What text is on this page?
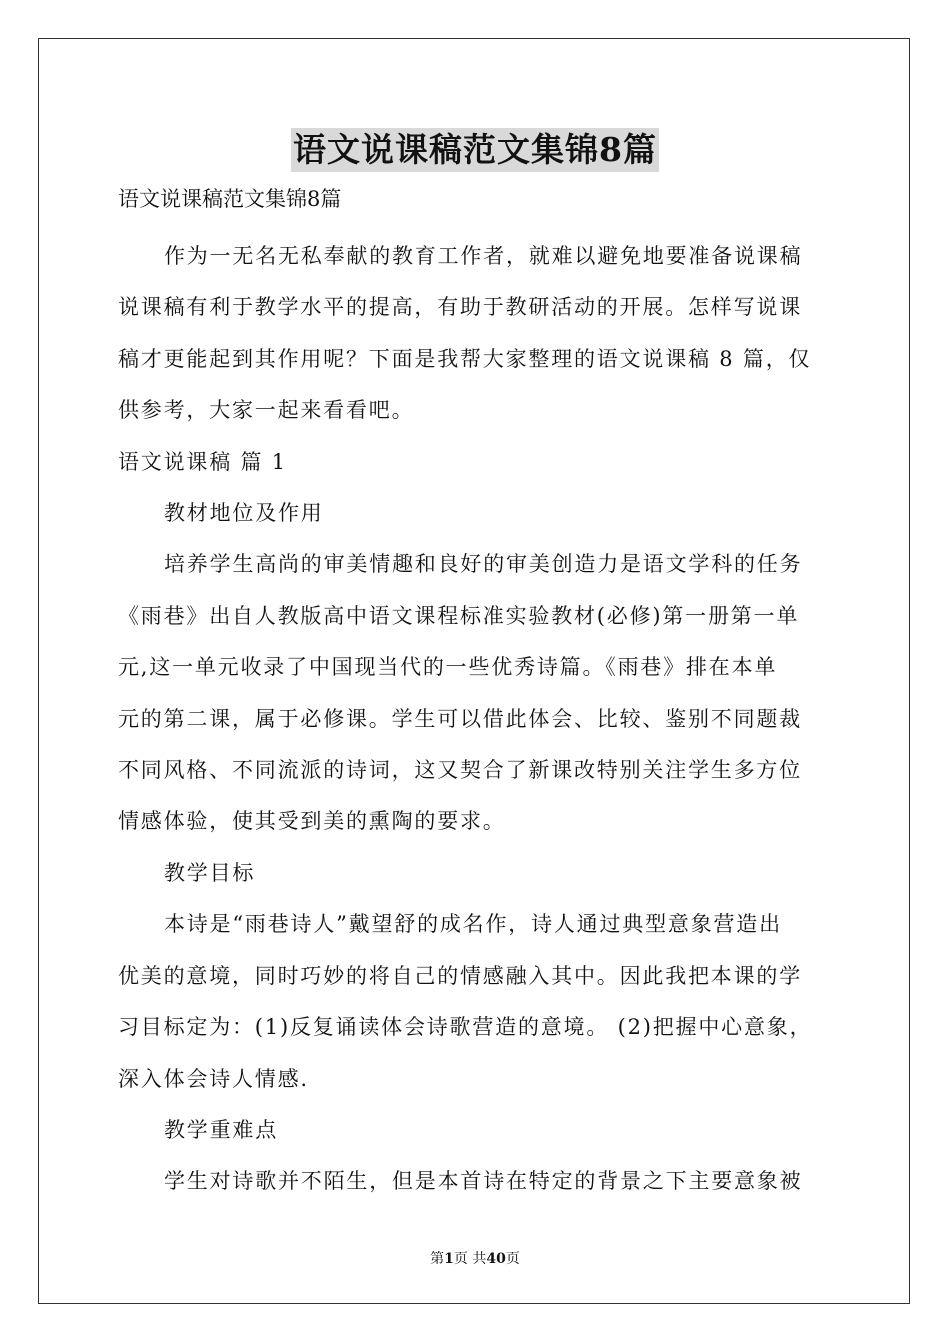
语文说课稿范文集锦8篇
语文说课稿范文集锦8篇

作为一无名无私奉献的教育工作者，就难以避免地要准备说课稿

说课稿有利于教学水平的提高，有助于教研活动的开展。怎样写说课

稿才更能起到其作用呢？下面是我帮大家整理的语文说课稿 8 篇，仅

供参考，大家一起来看看吧。

语文说课稿 篇 1

教材地位及作用

培养学生高尚的审美情趣和良好的审美创造力是语文学科的任务

《雨巷》出自人教版高中语文课程标准实验教材(必修)第一册第一单

元,这一单元收录了中国现当代的一些优秀诗篇。《雨巷》排在本单

元的第二课，属于必修课。学生可以借此体会、比较、鉴别不同题裁

不同风格、不同流派的诗词，这又契合了新课改特别关注学生多方位

情感体验，使其受到美的熏陶的要求。

教学目标

本诗是“雨巷诗人”戴望舒的成名作，诗人通过典型意象营造出

优美的意境，同时巧妙的将自己的情感融入其中。因此我把本课的学

习目标定为：(1)反复诵读体会诗歌营造的意境。 (2)把握中心意象，

深入体会诗人情感.

教学重难点

学生对诗歌并不陌生，但是本首诗在特定的背景之下主要意象被

第1页 共40页
